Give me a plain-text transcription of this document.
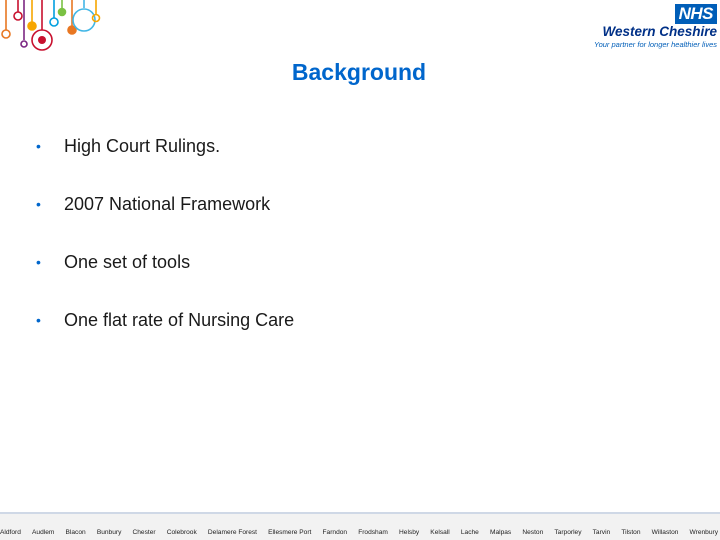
NHS
Western Cheshire
Your partner for longer healthier lives
Background
•	High Court Rulings.
•	2007 National Framework
•	One set of tools
•	One flat rate of Nursing Care
Aldford Audlem Blacon Bunbury Chester Colebrook Delamere Forest Ellesmere Port Farndon Frodsham Helsby Kelsall Lache Malpas Neston Tarporley Tarvin Tilston Willaston Wrenbury
